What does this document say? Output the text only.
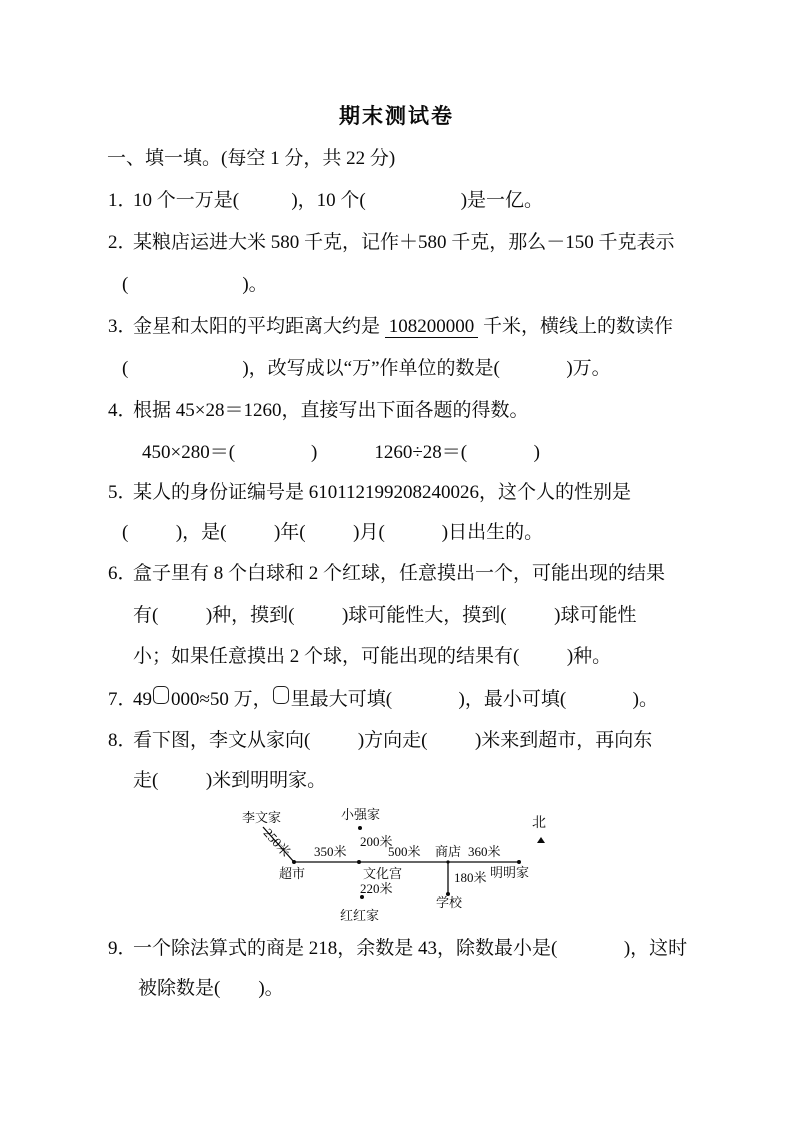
期末测试卷
一、填一填。(每空 1 分，共 22 分)
1．10 个一万是(           )，10 个(                    )是一亿。
2．某粮店运进大米 580 千克，记作＋580 千克，那么－150 千克表示
(                        )。
3．金星和太阳的平均距离大约是 108200000 千米，横线上的数读作
(                        )，改写成以“万”作单位的数是(              )万。
4．根据 45×28＝1260，直接写出下面各题的得数。
450×280＝(                )            1260÷28＝(              )
5．某人的身份证编号是 610112199208240026，这个人的性别是
(          )，是(          )年(          )月(            )日出生的。
6．盒子里有 8 个白球和 2 个红球，任意摸出一个，可能出现的结果
有(          )种，摸到(          )球可能性大，摸到(          )球可能性
小；如果任意摸出 2 个球，可能出现的结果有(          )种。
7．49 000≈50 万， 里最大可填(              )，最小可填(              )。
8．看下图，李文从家向(          )方向走(          )米来到超市，再向东
走(          )米到明明家。
李文家	小强家
北
250米 350米
200米
500米 商店 360米
超市	文化宫	明明家
180米
220米
学校
红红家
9．一个除法算式的商是 218，余数是 43，除数最小是(              )，这时
被除数是(        )。
